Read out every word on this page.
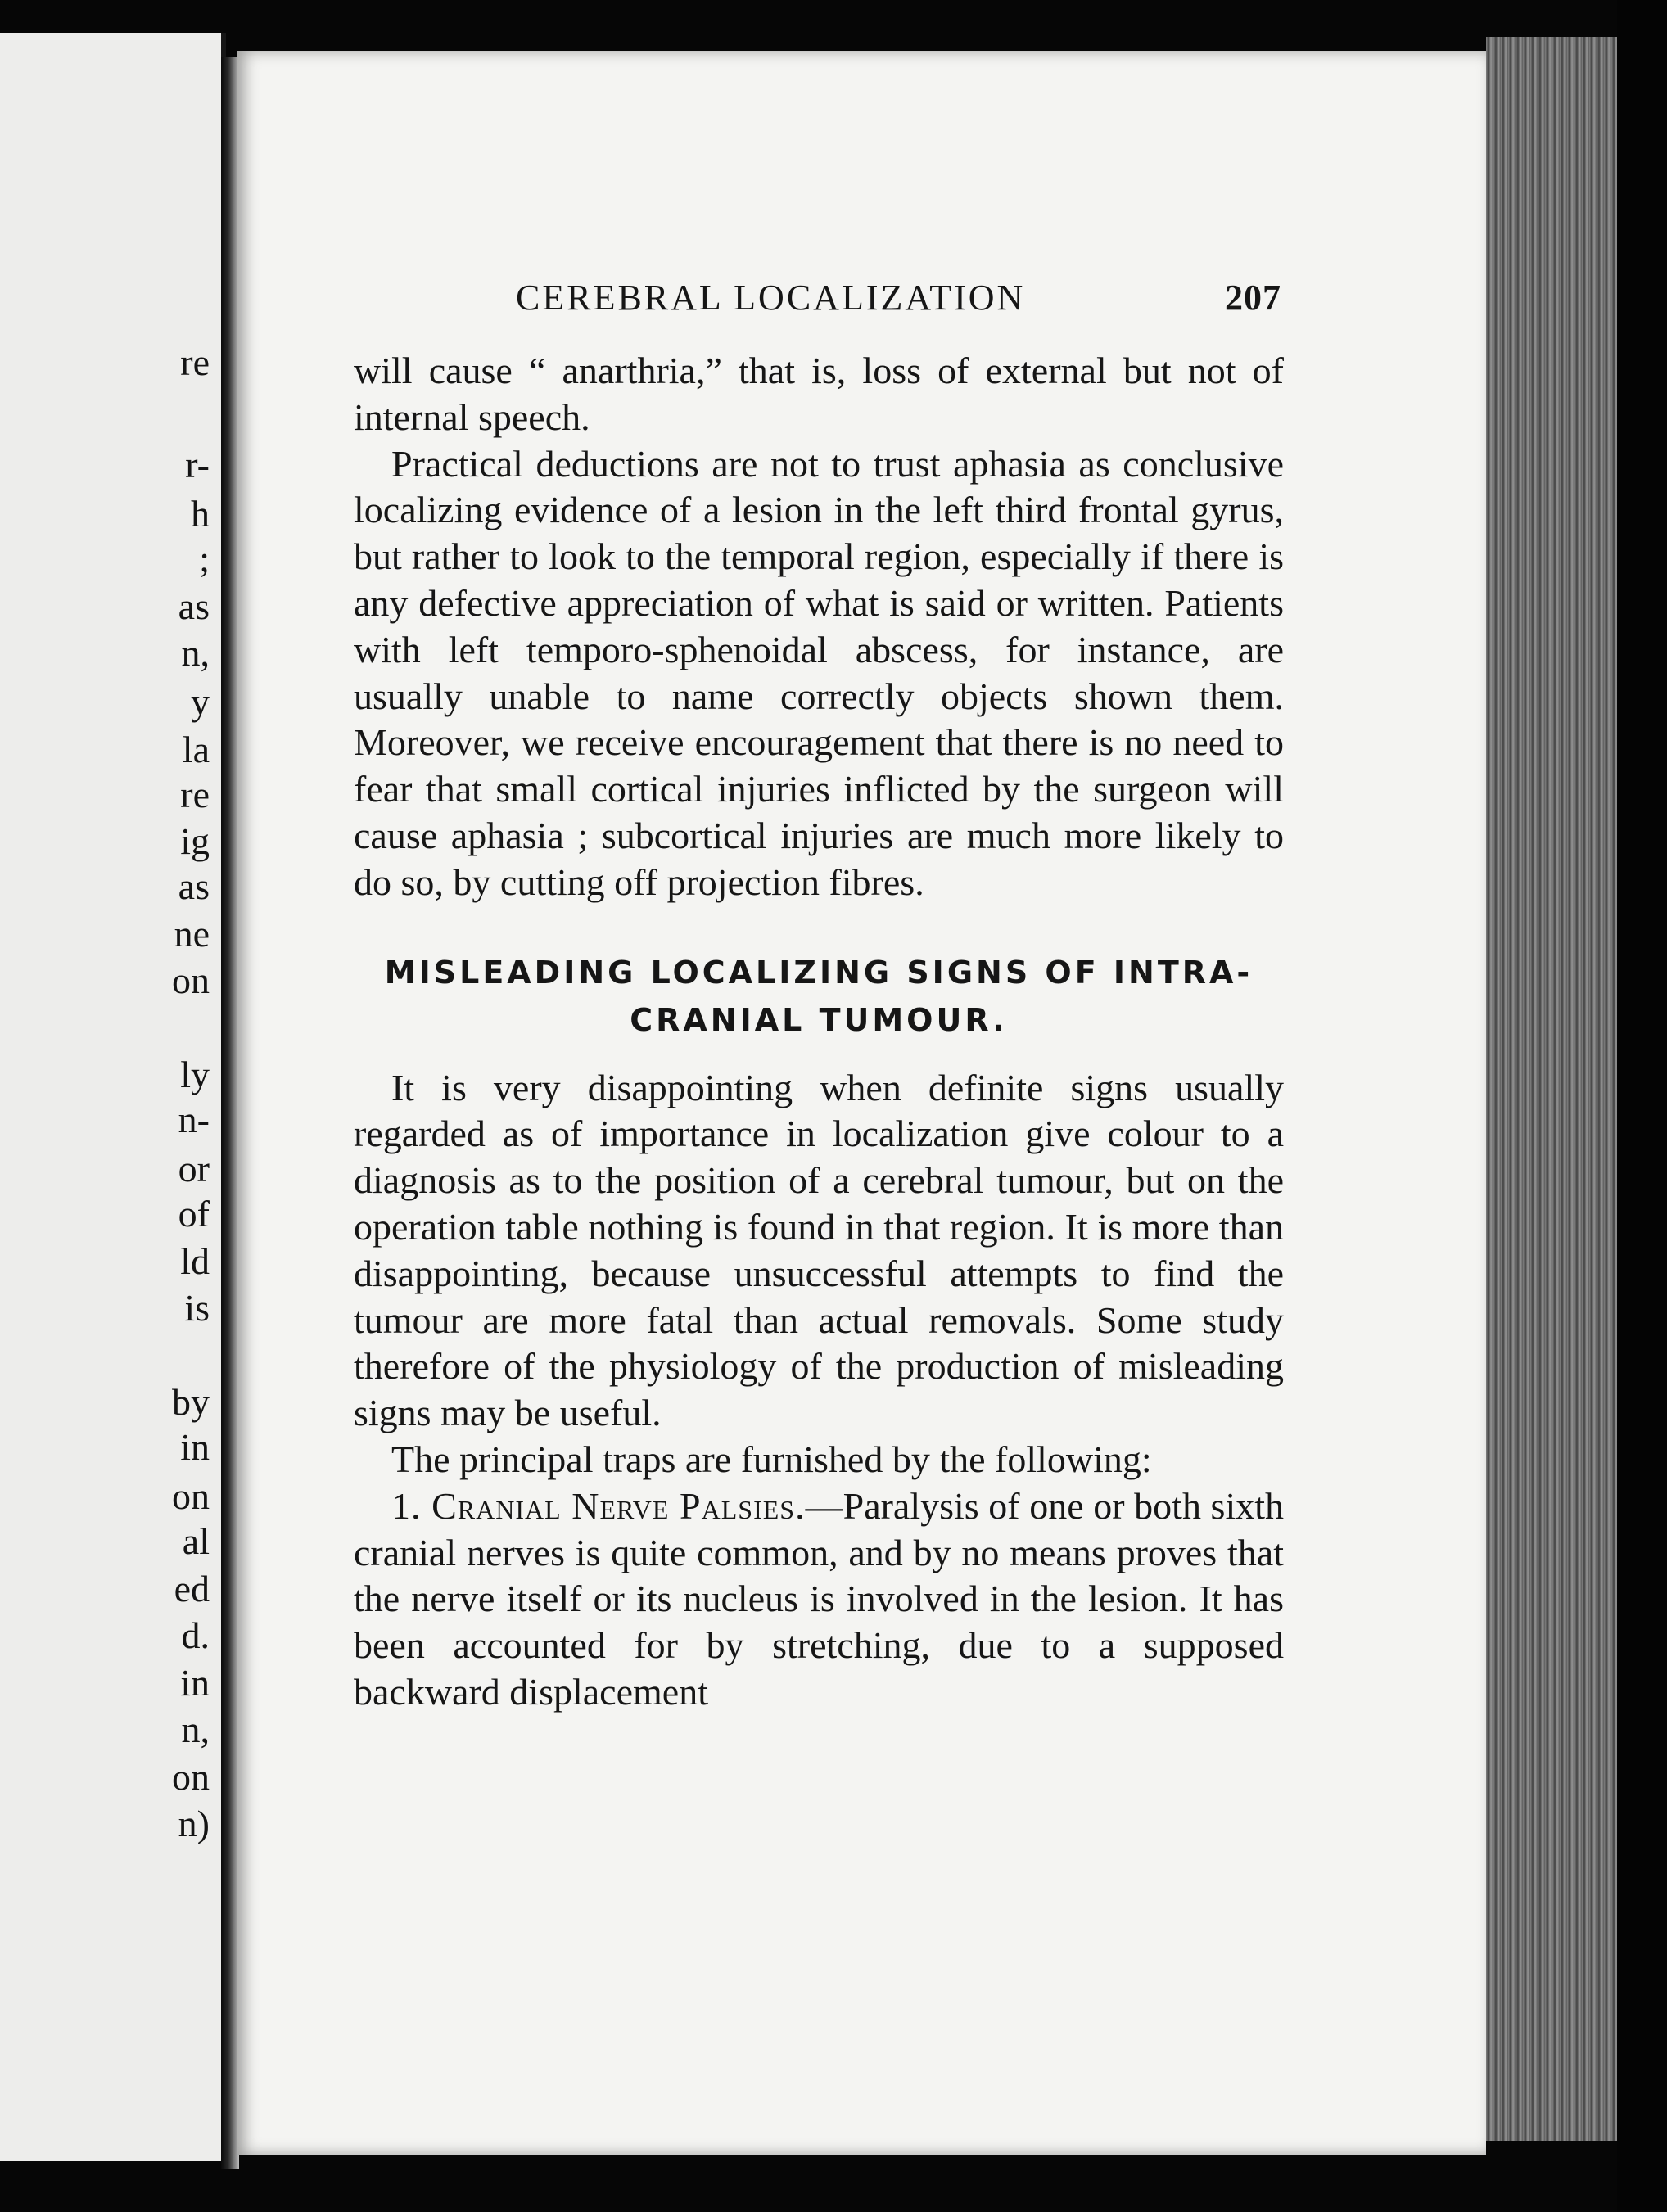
re
r-
h
;
as
n,
y
la
re
ig
as
ne
on
ly
n-
or
of
ld
is
by
in
on
al
ed
d.
in
n,
on
n)
CEREBRAL LOCALIZATION	207

will cause “ anarthria,” that is, loss of external but not of internal speech.

Practical deductions are not to trust aphasia as conclusive localizing evidence of a lesion in the left third frontal gyrus, but rather to look to the temporal region, especially if there is any defective appreciation of what is said or written. Patients with left temporo-sphenoidal abscess, for instance, are usually unable to name correctly objects shown them. Moreover, we receive encouragement that there is no need to fear that small cortical injuries inflicted by the surgeon will cause aphasia ; subcortical injuries are much more likely to do so, by cutting off projection fibres.

MISLEADING LOCALIZING SIGNS OF INTRA-CRANIAL TUMOUR.

It is very disappointing when definite signs usually regarded as of importance in localization give colour to a diagnosis as to the position of a cerebral tumour, but on the operation table nothing is found in that region. It is more than disappointing, because unsuccessful attempts to find the tumour are more fatal than actual removals. Some study therefore of the physiology of the production of misleading signs may be useful.

The principal traps are furnished by the following:

1. Cranial Nerve Palsies.—Paralysis of one or both sixth cranial nerves is quite common, and by no means proves that the nerve itself or its nucleus is involved in the lesion. It has been accounted for by stretching, due to a supposed backward displacement
